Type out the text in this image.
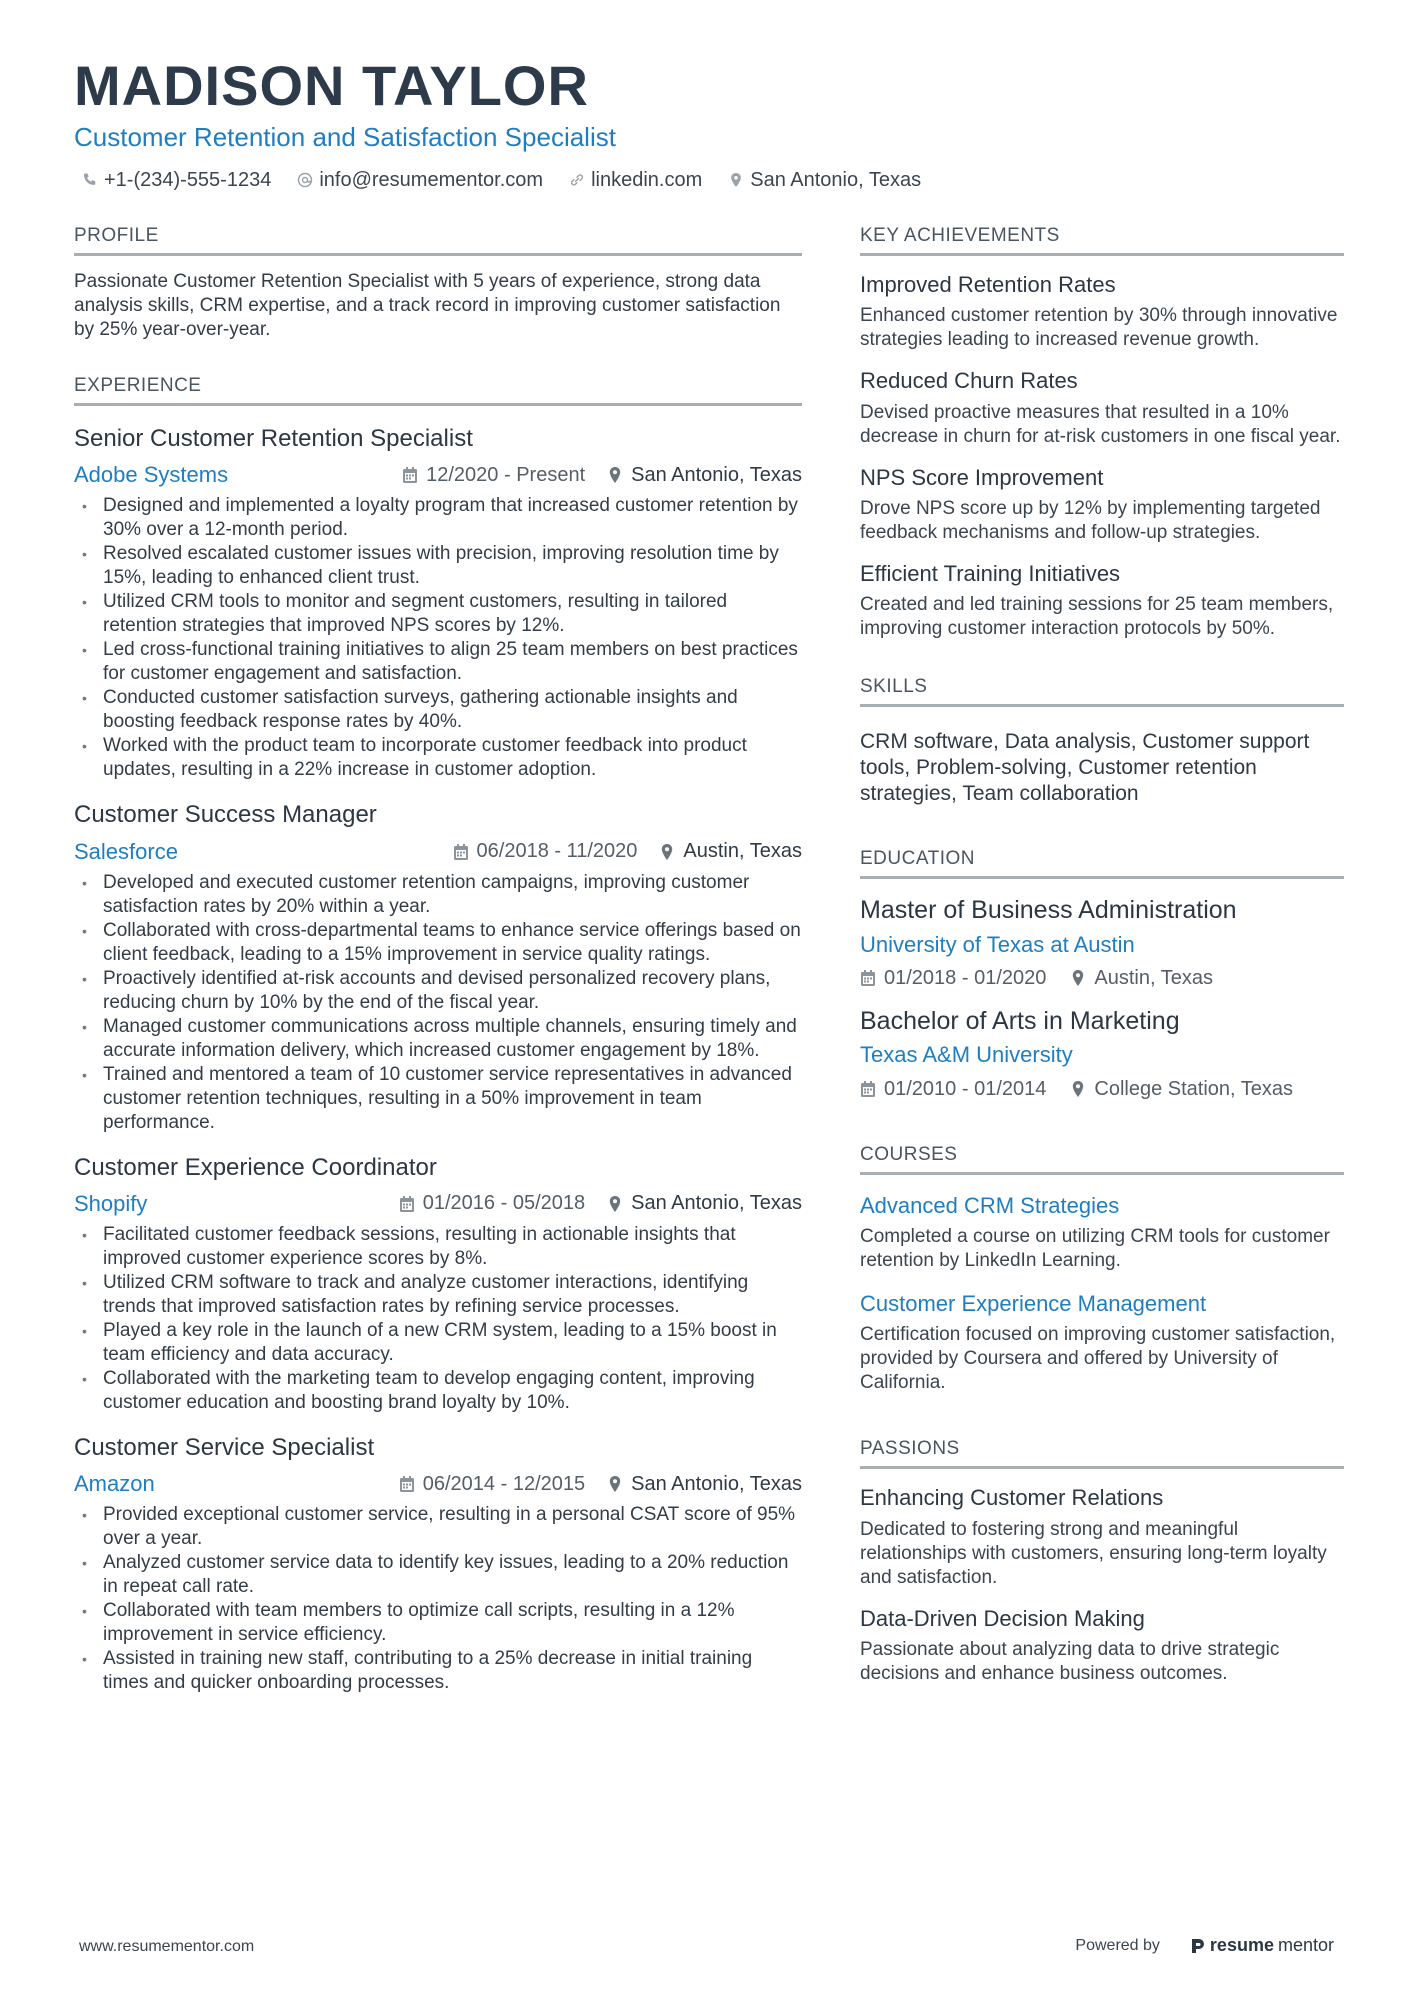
MADISON TAYLOR
Customer Retention and Satisfaction Specialist
+1-(234)-555-1234 info@resumementor.com linkedin.com San Antonio, Texas
PROFILE
Passionate Customer Retention Specialist with 5 years of experience, strong data analysis skills, CRM expertise, and a track record in improving customer satisfaction by 25% year-over-year.
EXPERIENCE
Senior Customer Retention Specialist
Adobe Systems	12/2020 - Present San Antonio, Texas
• Designed and implemented a loyalty program that increased customer retention by 30% over a 12-month period.
• Resolved escalated customer issues with precision, improving resolution time by 15%, leading to enhanced client trust.
• Utilized CRM tools to monitor and segment customers, resulting in tailored retention strategies that improved NPS scores by 12%.
• Led cross-functional training initiatives to align 25 team members on best practices for customer engagement and satisfaction.
• Conducted customer satisfaction surveys, gathering actionable insights and boosting feedback response rates by 40%.
• Worked with the product team to incorporate customer feedback into product updates, resulting in a 22% increase in customer adoption.
Customer Success Manager
Salesforce	06/2018 - 11/2020 Austin, Texas
• Developed and executed customer retention campaigns, improving customer satisfaction rates by 20% within a year.
• Collaborated with cross-departmental teams to enhance service offerings based on client feedback, leading to a 15% improvement in service quality ratings.
• Proactively identified at-risk accounts and devised personalized recovery plans, reducing churn by 10% by the end of the fiscal year.
• Managed customer communications across multiple channels, ensuring timely and accurate information delivery, which increased customer engagement by 18%.
• Trained and mentored a team of 10 customer service representatives in advanced customer retention techniques, resulting in a 50% improvement in team performance.
Customer Experience Coordinator
Shopify	01/2016 - 05/2018 San Antonio, Texas
• Facilitated customer feedback sessions, resulting in actionable insights that improved customer experience scores by 8%.
• Utilized CRM software to track and analyze customer interactions, identifying trends that improved satisfaction rates by refining service processes.
• Played a key role in the launch of a new CRM system, leading to a 15% boost in team efficiency and data accuracy.
• Collaborated with the marketing team to develop engaging content, improving customer education and boosting brand loyalty by 10%.
Customer Service Specialist
Amazon	06/2014 - 12/2015 San Antonio, Texas
• Provided exceptional customer service, resulting in a personal CSAT score of 95% over a year.
• Analyzed customer service data to identify key issues, leading to a 20% reduction in repeat call rate.
• Collaborated with team members to optimize call scripts, resulting in a 12% improvement in service efficiency.
• Assisted in training new staff, contributing to a 25% decrease in initial training times and quicker onboarding processes.
KEY ACHIEVEMENTS
Improved Retention Rates
Enhanced customer retention by 30% through innovative strategies leading to increased revenue growth.
Reduced Churn Rates
Devised proactive measures that resulted in a 10% decrease in churn for at-risk customers in one fiscal year.
NPS Score Improvement
Drove NPS score up by 12% by implementing targeted feedback mechanisms and follow-up strategies.
Efficient Training Initiatives
Created and led training sessions for 25 team members, improving customer interaction protocols by 50%.
SKILLS
CRM software, Data analysis, Customer support tools, Problem-solving, Customer retention strategies, Team collaboration
EDUCATION
Master of Business Administration
University of Texas at Austin
01/2018 - 01/2020 Austin, Texas
Bachelor of Arts in Marketing
Texas A&M University
01/2010 - 01/2014 College Station, Texas
COURSES
Advanced CRM Strategies
Completed a course on utilizing CRM tools for customer retention by LinkedIn Learning.
Customer Experience Management
Certification focused on improving customer satisfaction, provided by Coursera and offered by University of California.
PASSIONS
Enhancing Customer Relations
Dedicated to fostering strong and meaningful relationships with customers, ensuring long-term loyalty and satisfaction.
Data-Driven Decision Making
Passionate about analyzing data to drive strategic decisions and enhance business outcomes.
www.resumementor.com	Powered by	resume mentor
